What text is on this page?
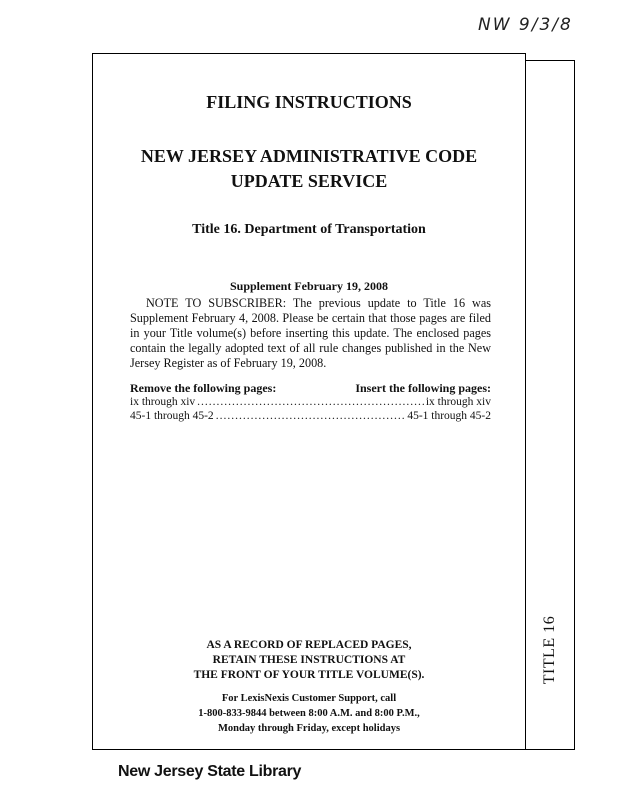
NW 9/3/8
FILING INSTRUCTIONS
NEW JERSEY ADMINISTRATIVE CODE
UPDATE SERVICE
Title 16. Department of Transportation
Supplement February 19, 2008

NOTE TO SUBSCRIBER: The previous update to Title 16 was Supplement February 4, 2008. Please be certain that those pages are filed in your Title volume(s) before inserting this update. The enclosed pages contain the legally adopted text of all rule changes published in the New Jersey Register as of February 19, 2008.

Remove the following pages:	Insert the following pages:
ix through xiv .....	ix through xiv
45-1 through 45-2 .....	45-1 through 45-2
AS A RECORD OF REPLACED PAGES,
RETAIN THESE INSTRUCTIONS AT
THE FRONT OF YOUR TITLE VOLUME(S).
For LexisNexis Customer Support, call
1-800-833-9844 between 8:00 A.M. and 8:00 P.M.,
Monday through Friday, except holidays
TITLE 16
New Jersey State Library
